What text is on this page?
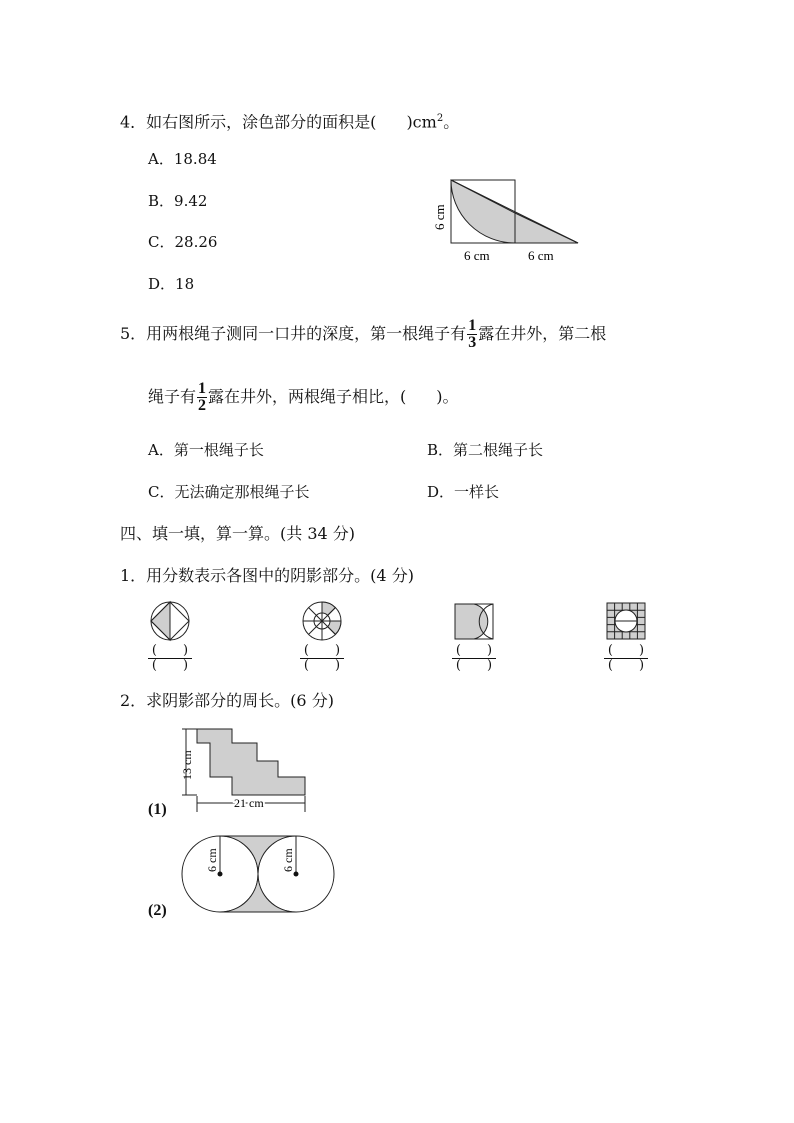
4．如右图所示，涂色部分的面积是( )$cm^2$。
A．18.84
B．9.42
C．28.26
D．18
6 cm
6 cm	6 cm
5．用两根绳子测同一口井的深度，第一根绳子有 $\frac{1}{3}$ 露在井外，第二根
绳子有 $\frac{1}{2}$ 露在井外，两根绳子相比，( )。
A．第一根绳子长	B．第二根绳子长
C．无法确定那根绳子长	D．一样长
四、填一填，算一算。(共 34 分)
1．用分数表示各图中的阴影部分。(4 分)
(　　)
(　　)
(　　)
(　　)
(　　)
(　　)
(　　)
(　　)
2．求阴影部分的周长。(6 分)
13 cm
21 cm
(1)
6 cm	6 cm
(2)
